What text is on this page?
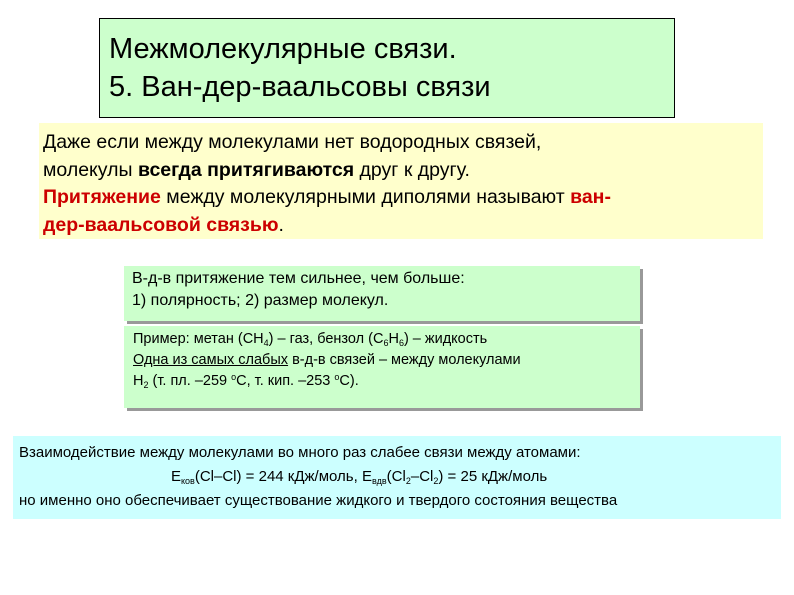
Межмолекулярные связи.
5. Ван-дер-ваальсовы связи
Даже если между молекулами нет водородных связей,
молекулы всегда притягиваются друг к другу.
Притяжение между молекулярными диполями называют ван-
дер-ваальсовой связью.
В-д-в притяжение тем сильнее, чем больше:
1) полярность; 2) размер молекул.
Пример: метан $(CH_4)$ – газ, бензол $(C_6H_6)$ – жидкость
Одна из самых слабых в-д-в связей – между молекулами
$H_2$ (т. пл. –259 $^o$C, т. кип. –253 $^o$C).
Взаимодействие между молекулами во много раз слабее связи между атомами:
$E_{ков}(Cl-Cl) = 244$ кДж/моль, $E_{вдв}(Cl_2-Cl_2) = 25$ кДж/моль
но именно оно обеспечивает существование жидкого и твердого состояния вещества
